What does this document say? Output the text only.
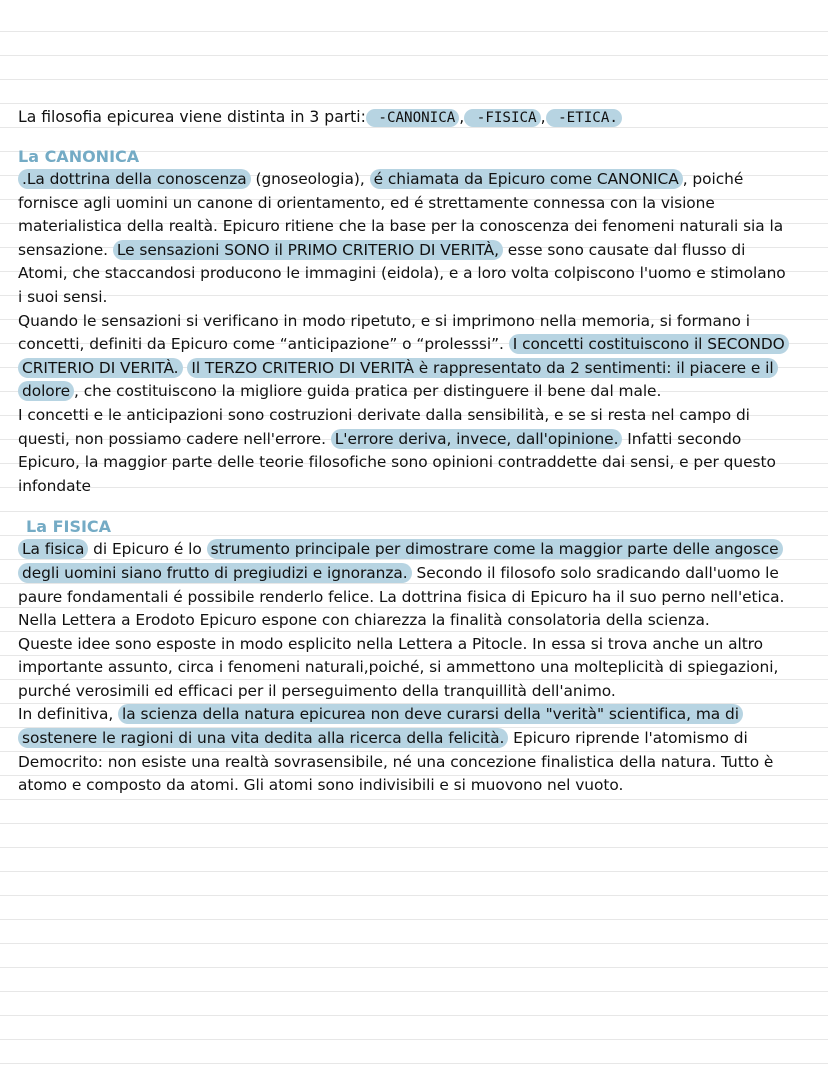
La filosofia epicurea viene distinta in 3 parti: -CANONICA , -FISICA , -ETICA.

La CANONICA

.La dottrina della conoscenza (gnoseologia), é chiamata da Epicuro come CANONICA , poiché fornisce agli uomini un canone di orientamento, ed é strettamente connessa con la visione materialistica della realtà. Epicuro ritiene che la base per la conoscenza dei fenomeni naturali sia la sensazione. Le sensazioni SONO il PRIMO CRITERIO DI VERITÀ, esse sono causate dal flusso di Atomi, che staccandosi producono le immagini (eidola), e a loro volta colpiscono l'uomo e stimolano i suoi sensi.

Quando le sensazioni si verificano in modo ripetuto, e si imprimono nella memoria, si formano i concetti, definiti da Epicuro come “anticipazione” o “prolesssi”. I concetti costituiscono il SECONDO CRITERIO DI VERITÀ. Il TERZO CRITERIO DI VERITÀ è rappresentato da 2 sentimenti: il piacere e il dolore , che costituiscono la migliore guida pratica per distinguere il bene dal male.

I concetti e le anticipazioni sono costruzioni derivate dalla sensibilità, e se si resta nel campo di questi, non possiamo cadere nell'errore. L'errore deriva, invece, dall'opinione. Infatti secondo Epicuro, la maggior parte delle teorie filosofiche sono opinioni contraddette dai sensi, e per questo infondate

La FISICA

La fisica di Epicuro é lo strumento principale per dimostrare come la maggior parte delle angosce degli uomini siano frutto di pregiudizi e ignoranza. Secondo il filosofo solo sradicando dall'uomo le paure fondamentali é possibile renderlo felice. La dottrina fisica di Epicuro ha il suo perno nell'etica. Nella Lettera a Erodoto Epicuro espone con chiarezza la finalità consolatoria della scienza.

Queste idee sono esposte in modo esplicito nella Lettera a Pitocle. In essa si trova anche un altro importante assunto, circa i fenomeni naturali,poiché, si ammettono una molteplicità di spiegazioni, purché verosimili ed efficaci per il perseguimento della tranquillità dell'animo.

In definitiva, la scienza della natura epicurea non deve curarsi della "verità" scientifica, ma di sostenere le ragioni di una vita dedita alla ricerca della felicità. Epicuro riprende l'atomismo di Democrito: non esiste una realtà sovrasensibile, né una concezione finalistica della natura. Tutto è atomo e composto da atomi. Gli atomi sono indivisibili e si muovono nel vuoto.
